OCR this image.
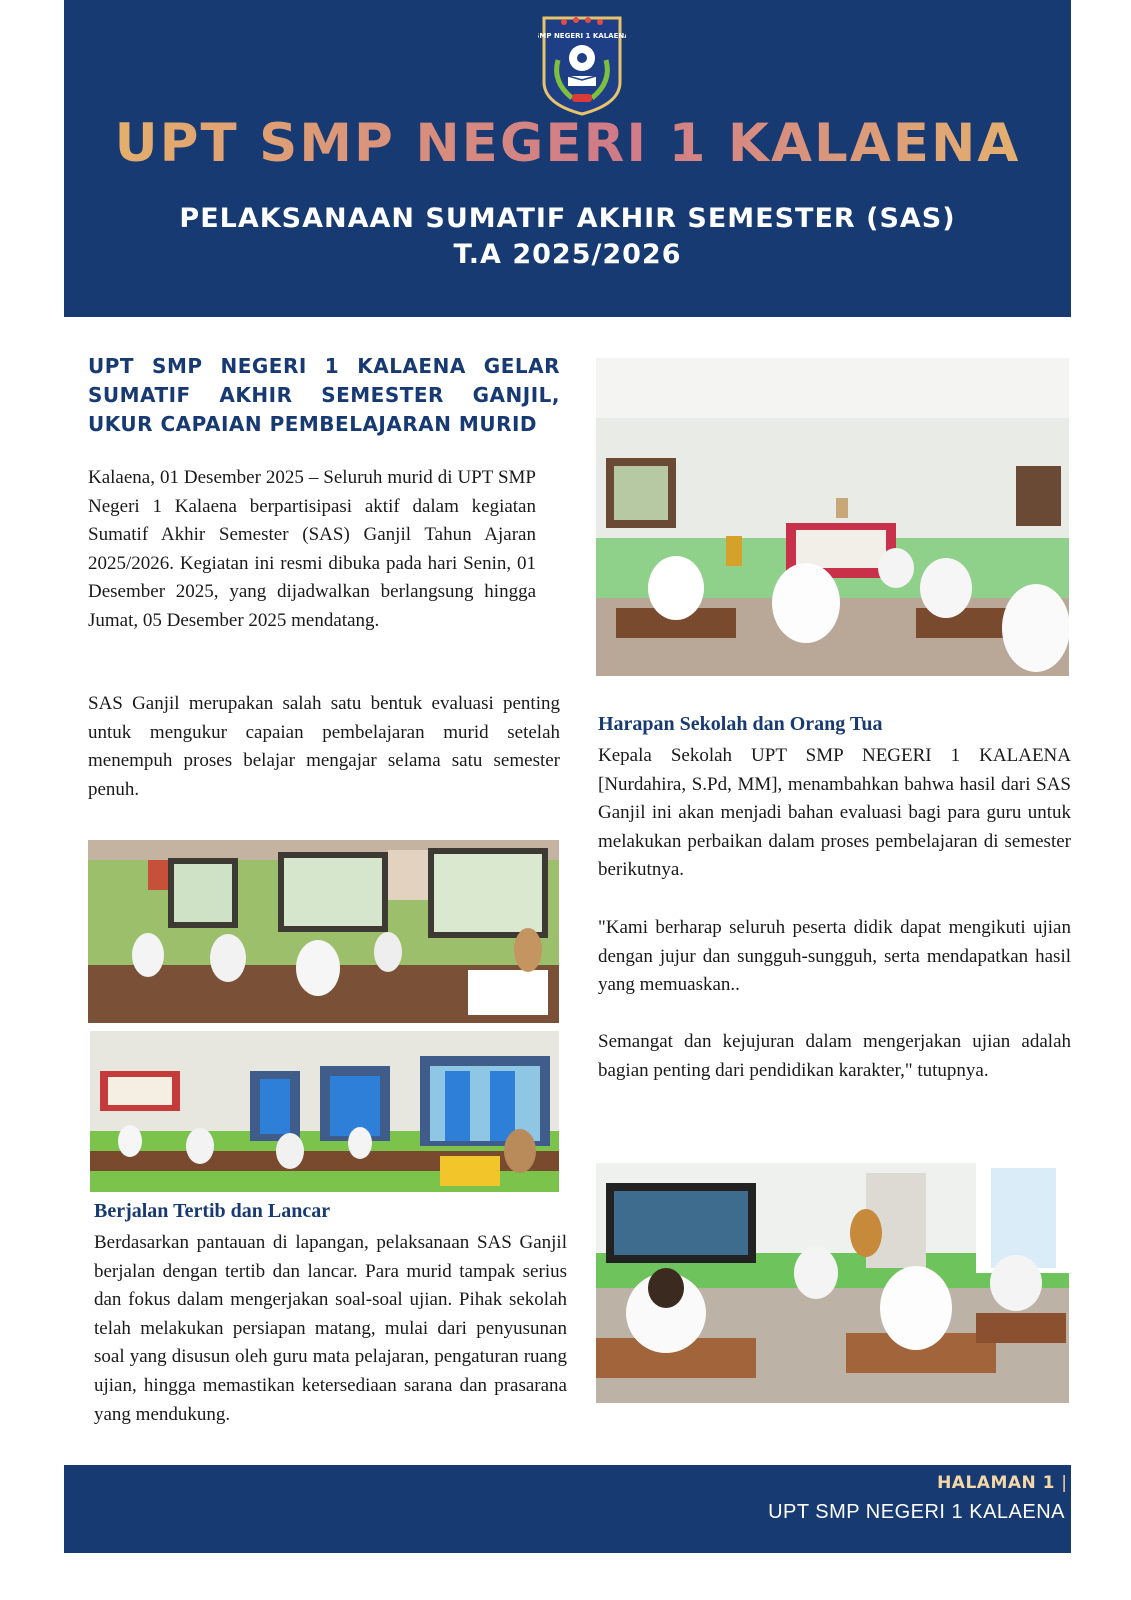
SMP NEGERI 1 KALAENA
UPT SMP NEGERI 1 KALAENA
PELAKSANAAN SUMATIF AKHIR SEMESTER (SAS)
T.A 2025/2026
UPT SMP NEGERI 1 KALAENA GELAR SUMATIF AKHIR SEMESTER GANJIL, UKUR CAPAIAN PEMBELAJARAN MURID

Kalaena, 01 Desember 2025 – Seluruh murid di UPT SMP Negeri 1 Kalaena berpartisipasi aktif dalam kegiatan Sumatif Akhir Semester (SAS) Ganjil Tahun Ajaran 2025/2026. Kegiatan ini resmi dibuka pada hari Senin, 01 Desember 2025, yang dijadwalkan berlangsung hingga Jumat, 05 Desember 2025 mendatang.

SAS Ganjil merupakan salah satu bentuk evaluasi penting untuk mengukur capaian pembelajaran murid setelah menempuh proses belajar mengajar selama satu semester penuh.

Harapan Sekolah dan Orang Tua

Kepala Sekolah UPT SMP NEGERI 1 KALAENA [Nurdahira, S.Pd, MM], menambahkan bahwa hasil dari SAS Ganjil ini akan menjadi bahan evaluasi bagi para guru untuk melakukan perbaikan dalam proses pembelajaran di semester berikutnya.

"Kami berharap seluruh peserta didik dapat mengikuti ujian dengan jujur dan sungguh-sungguh, serta mendapatkan hasil yang memuaskan..

Semangat dan kejujuran dalam mengerjakan ujian adalah bagian penting dari pendidikan karakter," tutupnya.

Berjalan Tertib dan Lancar

Berdasarkan pantauan di lapangan, pelaksanaan SAS Ganjil berjalan dengan tertib dan lancar. Para murid tampak serius dan fokus dalam mengerjakan soal-soal ujian. Pihak sekolah telah melakukan persiapan matang, mulai dari penyusunan soal yang disusun oleh guru mata pelajaran, pengaturan ruang ujian, hingga memastikan ketersediaan sarana dan prasarana yang mendukung.

HALAMAN 1 |
UPT SMP NEGERI 1 KALAENA
